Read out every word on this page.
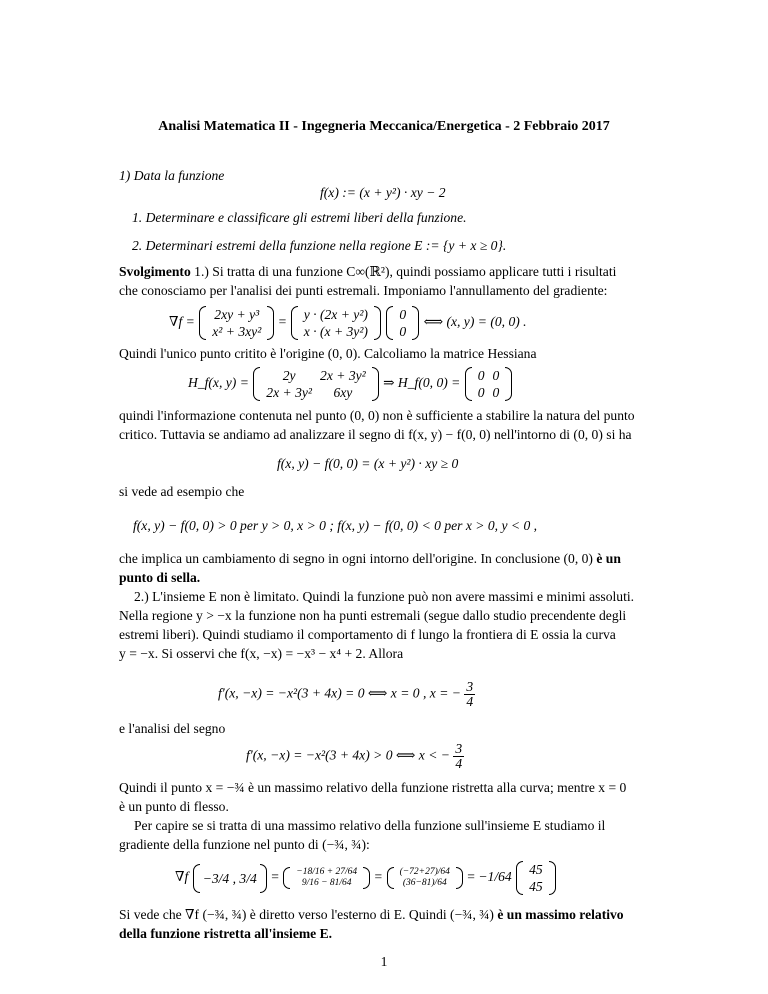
Analisi Matematica II - Ingegneria Meccanica/Energetica - 2 Febbraio 2017
1) Data la funzione
f(x) := (x + y²) · xy − 2
1. Determinare e classificare gli estremi liberi della funzione.
2. Determinari estremi della funzione nella regione E := {y + x ≥ 0}.
Svolgimento 1.) Si tratta di una funzione C∞(ℝ²), quindi possiamo applicare tutti i risultati
che conosciamo per l'analisi dei punti estremali. Imponiamo l'annullamento del gradiente:
∇f = 2xy + y³
x² + 3xy²
= y · (2x + y²)
x · (x + 3y²)

0
0
⟺ (x, y) = (0, 0) .
Quindi l'unico punto critito è l'origine (0, 0). Calcoliamo la matrice Hessiana
H_f(x, y) = 2y	2x + 3y²
2x + 3y²	6xy
⇒ H_f(0, 0) = 0	0
0	0
quindi l'informazione contenuta nel punto (0, 0) non è sufficiente a stabilire la natura del punto
critico. Tuttavia se andiamo ad analizzare il segno di f(x, y) − f(0, 0) nell'intorno di (0, 0) si ha
f(x, y) − f(0, 0) = (x + y²) · xy ≥ 0
si vede ad esempio che
f(x, y) − f(0, 0) > 0 per y > 0, x > 0 ; f(x, y) − f(0, 0) < 0 per x > 0, y < 0 ,
che implica un cambiamento di segno in ogni intorno dell'origine. In conclusione (0, 0) è un
punto di sella.
2.) L'insieme E non è limitato. Quindi la funzione può non avere massimi e minimi assoluti.
Nella regione y > −x la funzione non ha punti estremali (segue dallo studio precendente degli
estremi liberi). Quindi studiamo il comportamento di f lungo la frontiera di E ossia la curva
y = −x. Si osservi che f(x, −x) = −x³ − x⁴ + 2. Allora
f′(x, −x) = −x²(3 + 4x) = 0 ⟺ x = 0 , x = − $\frac{3}{4}$
e l'analisi del segno
f′(x, −x) = −x²(3 + 4x) > 0 ⟺ x < − $\frac{3}{4}$
Quindi il punto x = −¾ è un massimo relativo della funzione ristretta alla curva; mentre x = 0
è un punto di flesso.
Per capire se si tratta di una massimo relativo della funzione sull'insieme E studiamo il
gradiente della funzione nel punto di (−¾, ¾):
∇f −3/4 , 3/4 = −18/16 + 27/64
9/16 − 81/64 = (−72+27)/64
(36−81)/64 = −1/64 45
45
Si vede che ∇f (−¾, ¾) è diretto verso l'esterno di E. Quindi (−¾, ¾) è un massimo relativo
della funzione ristretta all'insieme E.
1
